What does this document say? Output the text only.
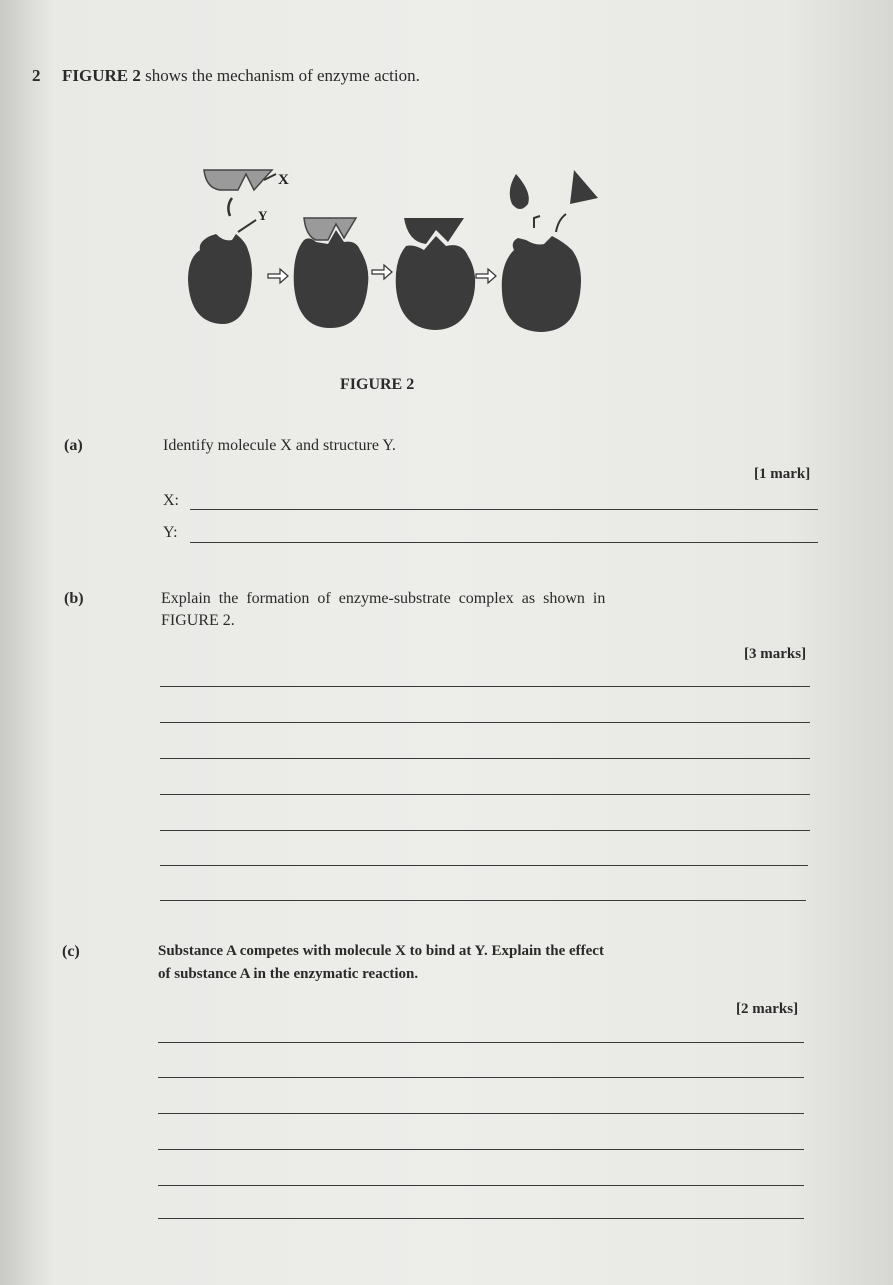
2 FIGURE 2 shows the mechanism of enzyme action.
X
Y
FIGURE 2
(a)	Identify molecule X and structure Y.
[1 mark]
X:
Y:
(b)	Explain the formation of enzyme-substrate complex as shown in
FIGURE 2.
[3 marks]
(c)	Substance A competes with molecule X to bind at Y. Explain the effect
of substance A in the enzymatic reaction.
[2 marks]
